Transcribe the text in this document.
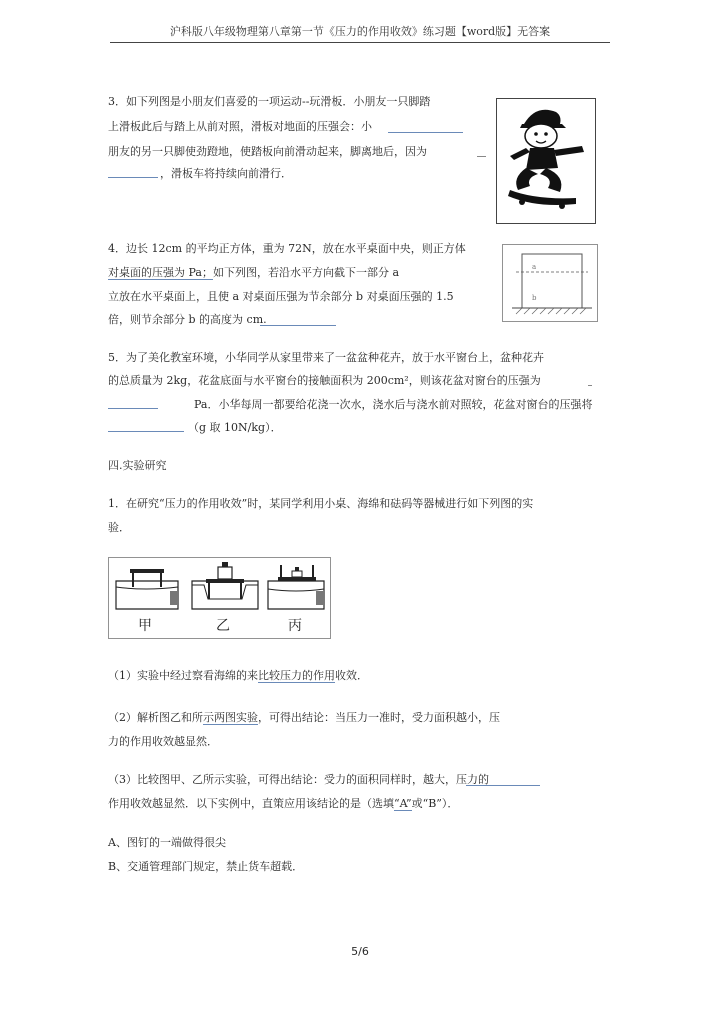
沪科版八年级物理第八章第一节《压力的作用收效》练习题【word版】无答案
3．如下列图是小朋友们喜爱的一项运动--玩滑板．小朋友一只脚踏
上滑板此后与踏上从前对照，滑板对地面的压强会：小
朋友的另一只脚使劲蹬地，使踏板向前滑动起来，脚离地后，因为
，滑板车将持续向前滑行．
4．边长 12cm 的平均正方体，重为 72N，放在水平桌面中央，则正方体
对桌面的压强为 Pa；如下列图，若沿水平方向截下一部分 a
立放在水平桌面上，且使 a 对桌面压强为节余部分 b 对桌面压强的 1.5
倍，则节余部分 b 的高度为 cm.
a
b
5．为了美化教室环境，小华同学从家里带来了一盆盆种花卉，放于水平窗台上，盆种花卉
的总质量为 2kg，花盆底面与水平窗台的接触面积为 200cm²，则该花盆对窗台的压强为
Pa．小华每周一都要给花浇一次水，浇水后与浇水前对照较，花盆对窗台的压强将
（g 取 10N/kg）．
四.实验研究
1．在研究“压力的作用收效”时，某同学利用小桌、海绵和砝码等器械进行如下列图的实
验．
甲	乙	丙
（1）实验中经过察看海绵的来比较压力的作用收效．
（2）解析图乙和所示两图实验，可得出结论：当压力一准时，受力面积越小，压
力的作用收效越显然．
（3）比较图甲、乙所示实验，可得出结论：受力的面积同样时，越大，压力的
作用收效越显然．以下实例中，直策应用该结论的是（选填“A”或“B”）．
A、图钉的一端做得很尖
B、交通管理部门规定，禁止货车超载．
5/6
